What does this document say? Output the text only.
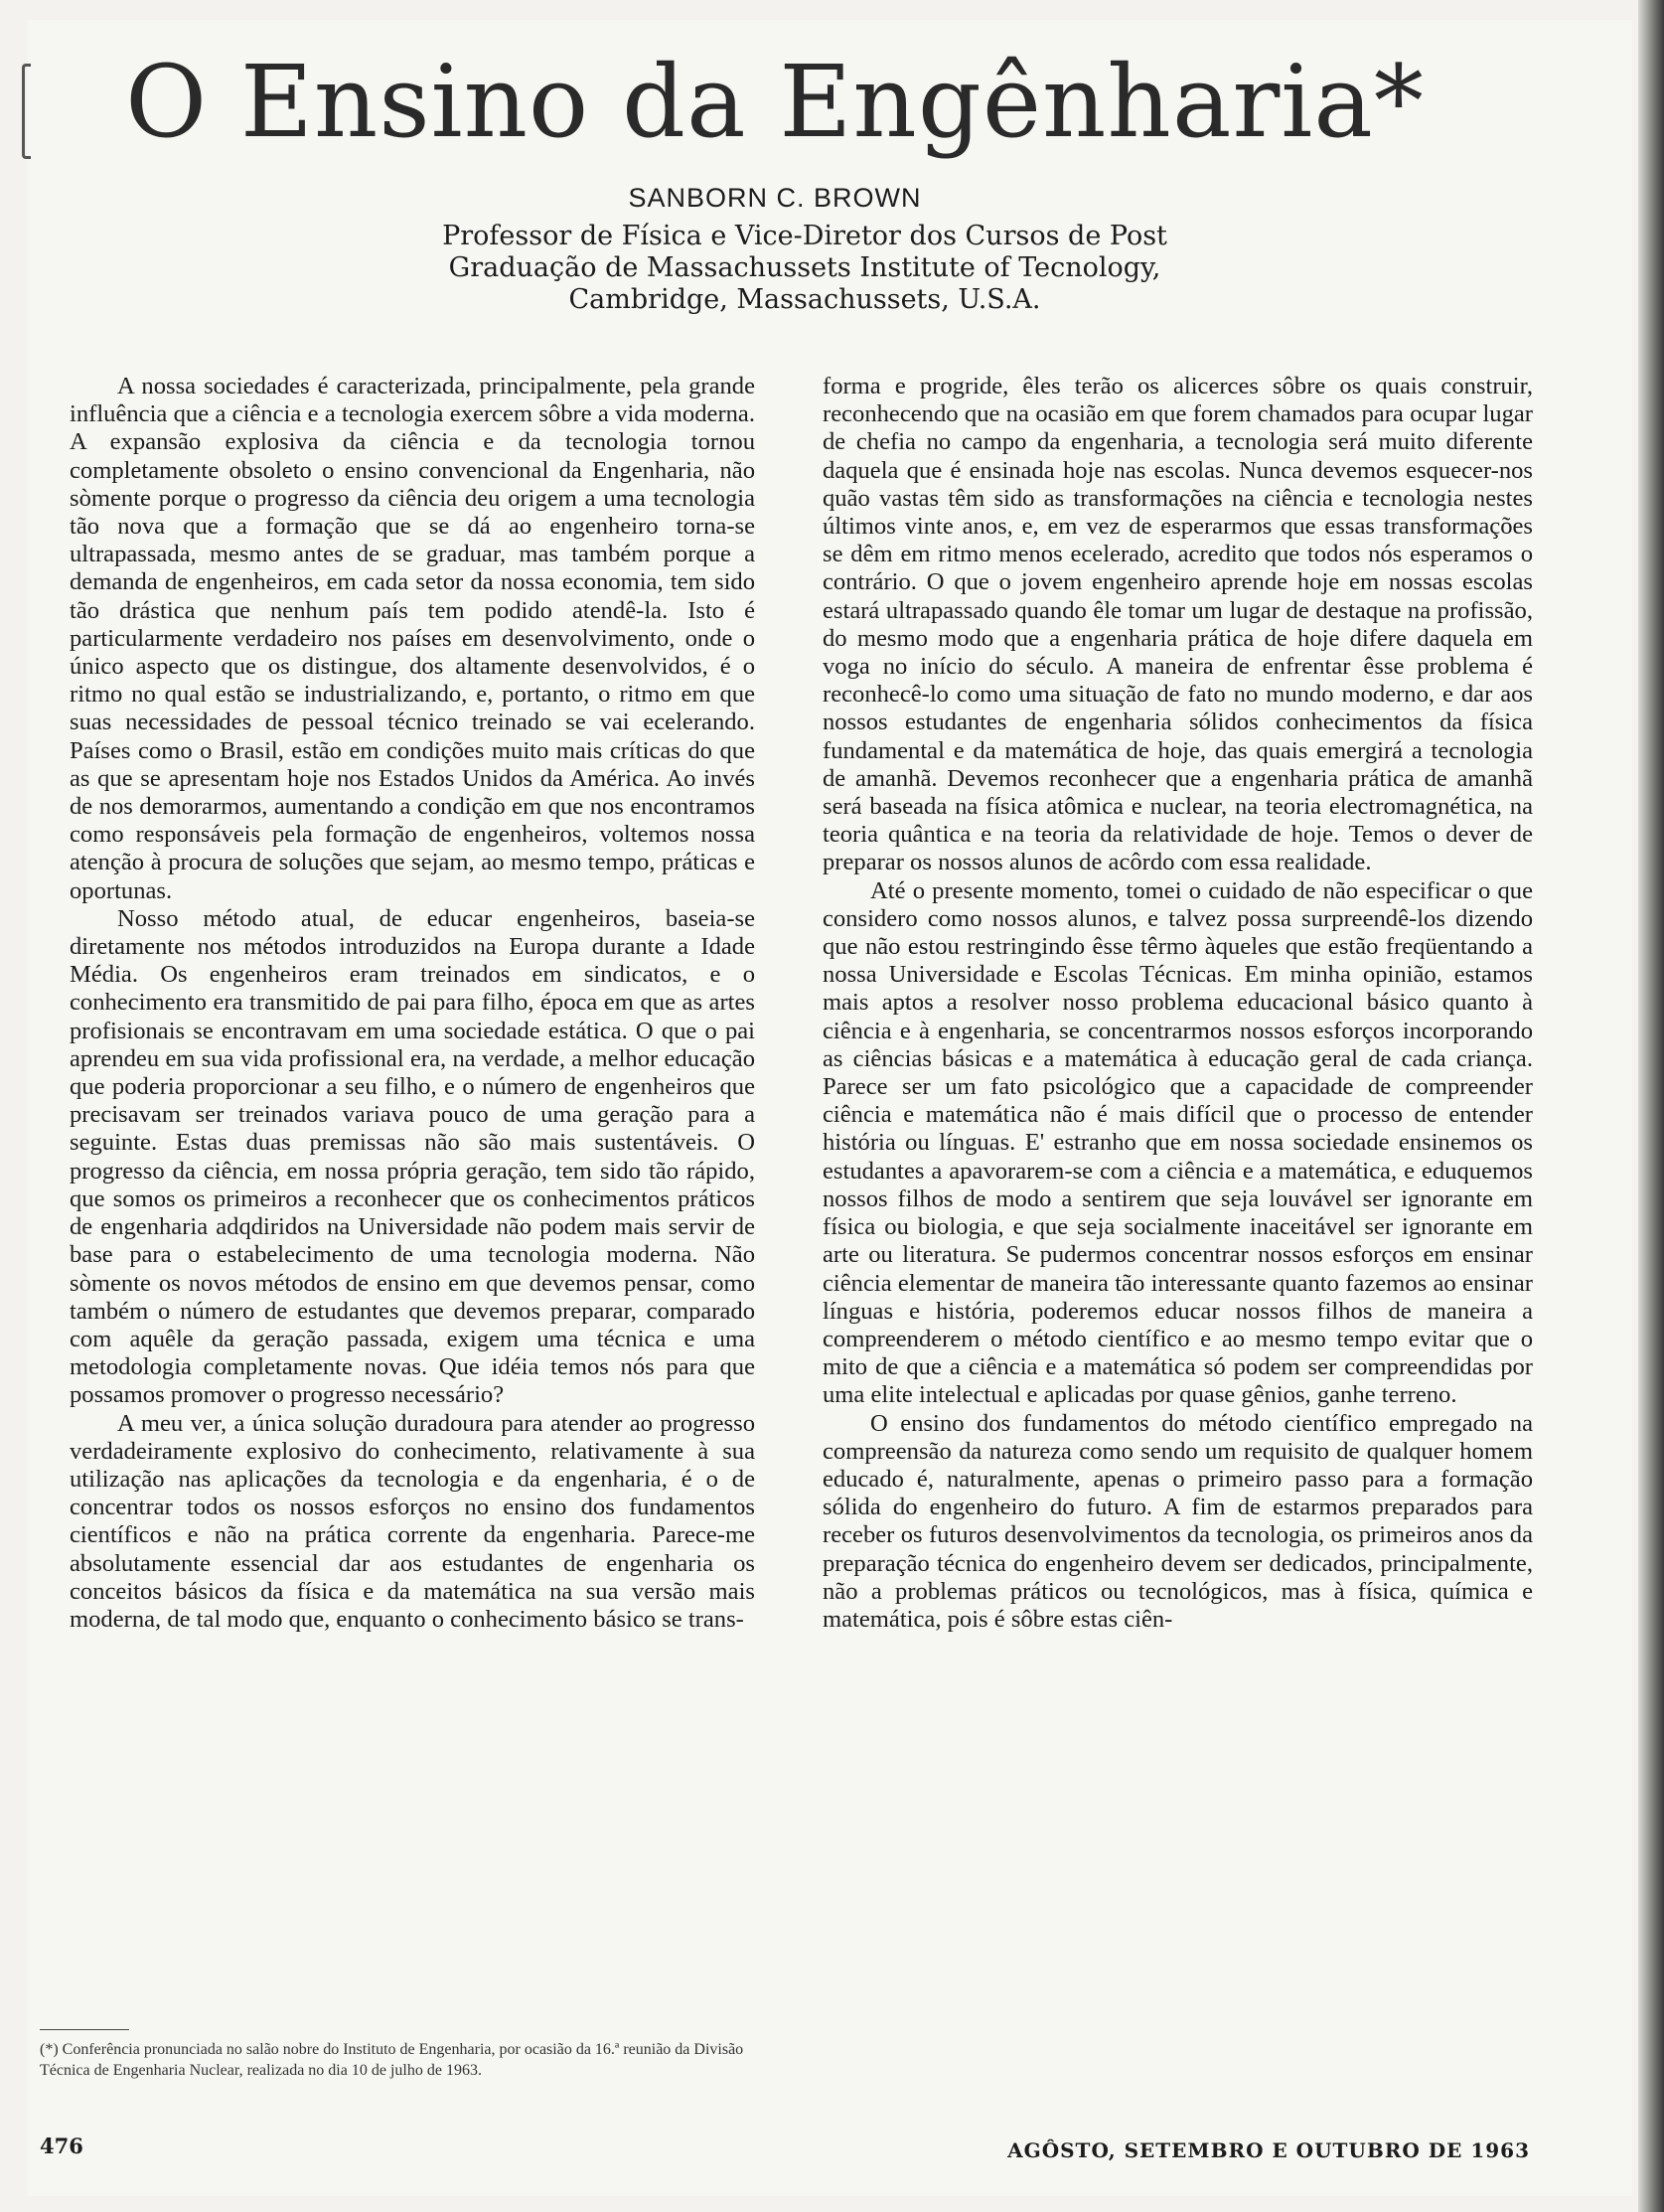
O Ensino da Engênharia*
SANBORN C. BROWN
Professor de Física e Vice-Diretor dos Cursos de Post
Graduação de Massachussets Institute of Tecnology,
Cambridge, Massachussets, U.S.A.

A nossa sociedades é caracterizada, principalmente, pela grande influência que a ciência e a tecnologia exercem sôbre a vida moderna. A expansão explosiva da ciência e da tecnologia tornou completamente obsoleto o ensino convencional da Engenharia, não sòmente porque o progresso da ciência deu origem a uma tecnologia tão nova que a formação que se dá ao engenheiro torna-se ultrapassada, mesmo antes de se graduar, mas também porque a demanda de engenheiros, em cada setor da nossa economia, tem sido tão drástica que nenhum país tem podido atendê-la. Isto é particularmente verdadeiro nos países em desenvolvimento, onde o único aspecto que os distingue, dos altamente desenvolvidos, é o ritmo no qual estão se industrializando, e, portanto, o ritmo em que suas necessidades de pessoal técnico treinado se vai ecelerando. Países como o Brasil, estão em condições muito mais críticas do que as que se apresentam hoje nos Estados Unidos da América. Ao invés de nos demorarmos, aumentando a condição em que nos encontramos como responsáveis pela formação de engenheiros, voltemos nossa atenção à procura de soluções que sejam, ao mesmo tempo, práticas e oportunas.

Nosso método atual, de educar engenheiros, baseia-se diretamente nos métodos introduzidos na Europa durante a Idade Média. Os engenheiros eram treinados em sindicatos, e o conhecimento era transmitido de pai para filho, época em que as artes profisionais se encontravam em uma sociedade estática. O que o pai aprendeu em sua vida profissional era, na verdade, a melhor educação que poderia proporcionar a seu filho, e o número de engenheiros que precisavam ser treinados variava pouco de uma geração para a seguinte. Estas duas premissas não são mais sustentáveis. O progresso da ciência, em nossa própria geração, tem sido tão rápido, que somos os primeiros a reconhecer que os conhecimentos práticos de engenharia adqdiridos na Universidade não podem mais servir de base para o estabelecimento de uma tecnologia moderna. Não sòmente os novos métodos de ensino em que devemos pensar, como também o número de estudantes que devemos preparar, comparado com aquêle da geração passada, exigem uma técnica e uma metodologia completamente novas. Que idéia temos nós para que possamos promover o progresso necessário?

A meu ver, a única solução duradoura para atender ao progresso verdadeiramente explosivo do conhecimento, relativamente à sua utilização nas aplicações da tecnologia e da engenharia, é o de concentrar todos os nossos esforços no ensino dos fundamentos científicos e não na prática corrente da engenharia. Parece-me absolutamente essencial dar aos estudantes de engenharia os conceitos básicos da física e da matemática na sua versão mais moderna, de tal modo que, enquanto o conhecimento básico se trans-

forma e progride, êles terão os alicerces sôbre os quais construir, reconhecendo que na ocasião em que forem chamados para ocupar lugar de chefia no campo da engenharia, a tecnologia será muito diferente daquela que é ensinada hoje nas escolas. Nunca devemos esquecer-nos quão vastas têm sido as transformações na ciência e tecnologia nestes últimos vinte anos, e, em vez de esperarmos que essas transformações se dêm em ritmo menos ecelerado, acredito que todos nós esperamos o contrário. O que o jovem engenheiro aprende hoje em nossas escolas estará ultrapassado quando êle tomar um lugar de destaque na profissão, do mesmo modo que a engenharia prática de hoje difere daquela em voga no início do século. A maneira de enfrentar êsse problema é reconhecê-lo como uma situação de fato no mundo moderno, e dar aos nossos estudantes de engenharia sólidos conhecimentos da física fundamental e da matemática de hoje, das quais emergirá a tecnologia de amanhã. Devemos reconhecer que a engenharia prática de amanhã será baseada na física atômica e nuclear, na teoria electromagnética, na teoria quântica e na teoria da relatividade de hoje. Temos o dever de preparar os nossos alunos de acôrdo com essa realidade.

Até o presente momento, tomei o cuidado de não especificar o que considero como nossos alunos, e talvez possa surpreendê-los dizendo que não estou restringindo êsse têrmo àqueles que estão freqüentando a nossa Universidade e Escolas Técnicas. Em minha opinião, estamos mais aptos a resolver nosso problema educacional básico quanto à ciência e à engenharia, se concentrarmos nossos esforços incorporando as ciências básicas e a matemática à educação geral de cada criança. Parece ser um fato psicológico que a capacidade de compreender ciência e matemática não é mais difícil que o processo de entender história ou línguas. E' estranho que em nossa sociedade ensinemos os estudantes a apavorarem-se com a ciência e a matemática, e eduquemos nossos filhos de modo a sentirem que seja louvável ser ignorante em física ou biologia, e que seja socialmente inaceitável ser ignorante em arte ou literatura. Se pudermos concentrar nossos esforços em ensinar ciência elementar de maneira tão interessante quanto fazemos ao ensinar línguas e história, poderemos educar nossos filhos de maneira a compreenderem o método científico e ao mesmo tempo evitar que o mito de que a ciência e a matemática só podem ser compreendidas por uma elite intelectual e aplicadas por quase gênios, ganhe terreno.

O ensino dos fundamentos do método científico empregado na compreensão da natureza como sendo um requisito de qualquer homem educado é, naturalmente, apenas o primeiro passo para a formação sólida do engenheiro do futuro. A fim de estarmos preparados para receber os futuros desenvolvimentos da tecnologia, os primeiros anos da preparação técnica do engenheiro devem ser dedicados, principalmente, não a problemas práticos ou tecnológicos, mas à física, química e matemática, pois é sôbre estas ciên-

(*) Conferência pronunciada no salão nobre do Instituto de Engenharia, por ocasião da 16.ª reunião da Divisão Técnica de Engenharia Nuclear, realizada no dia 10 de julho de 1963.
476	AGÔSTO, SETEMBRO E OUTUBRO DE 1963
